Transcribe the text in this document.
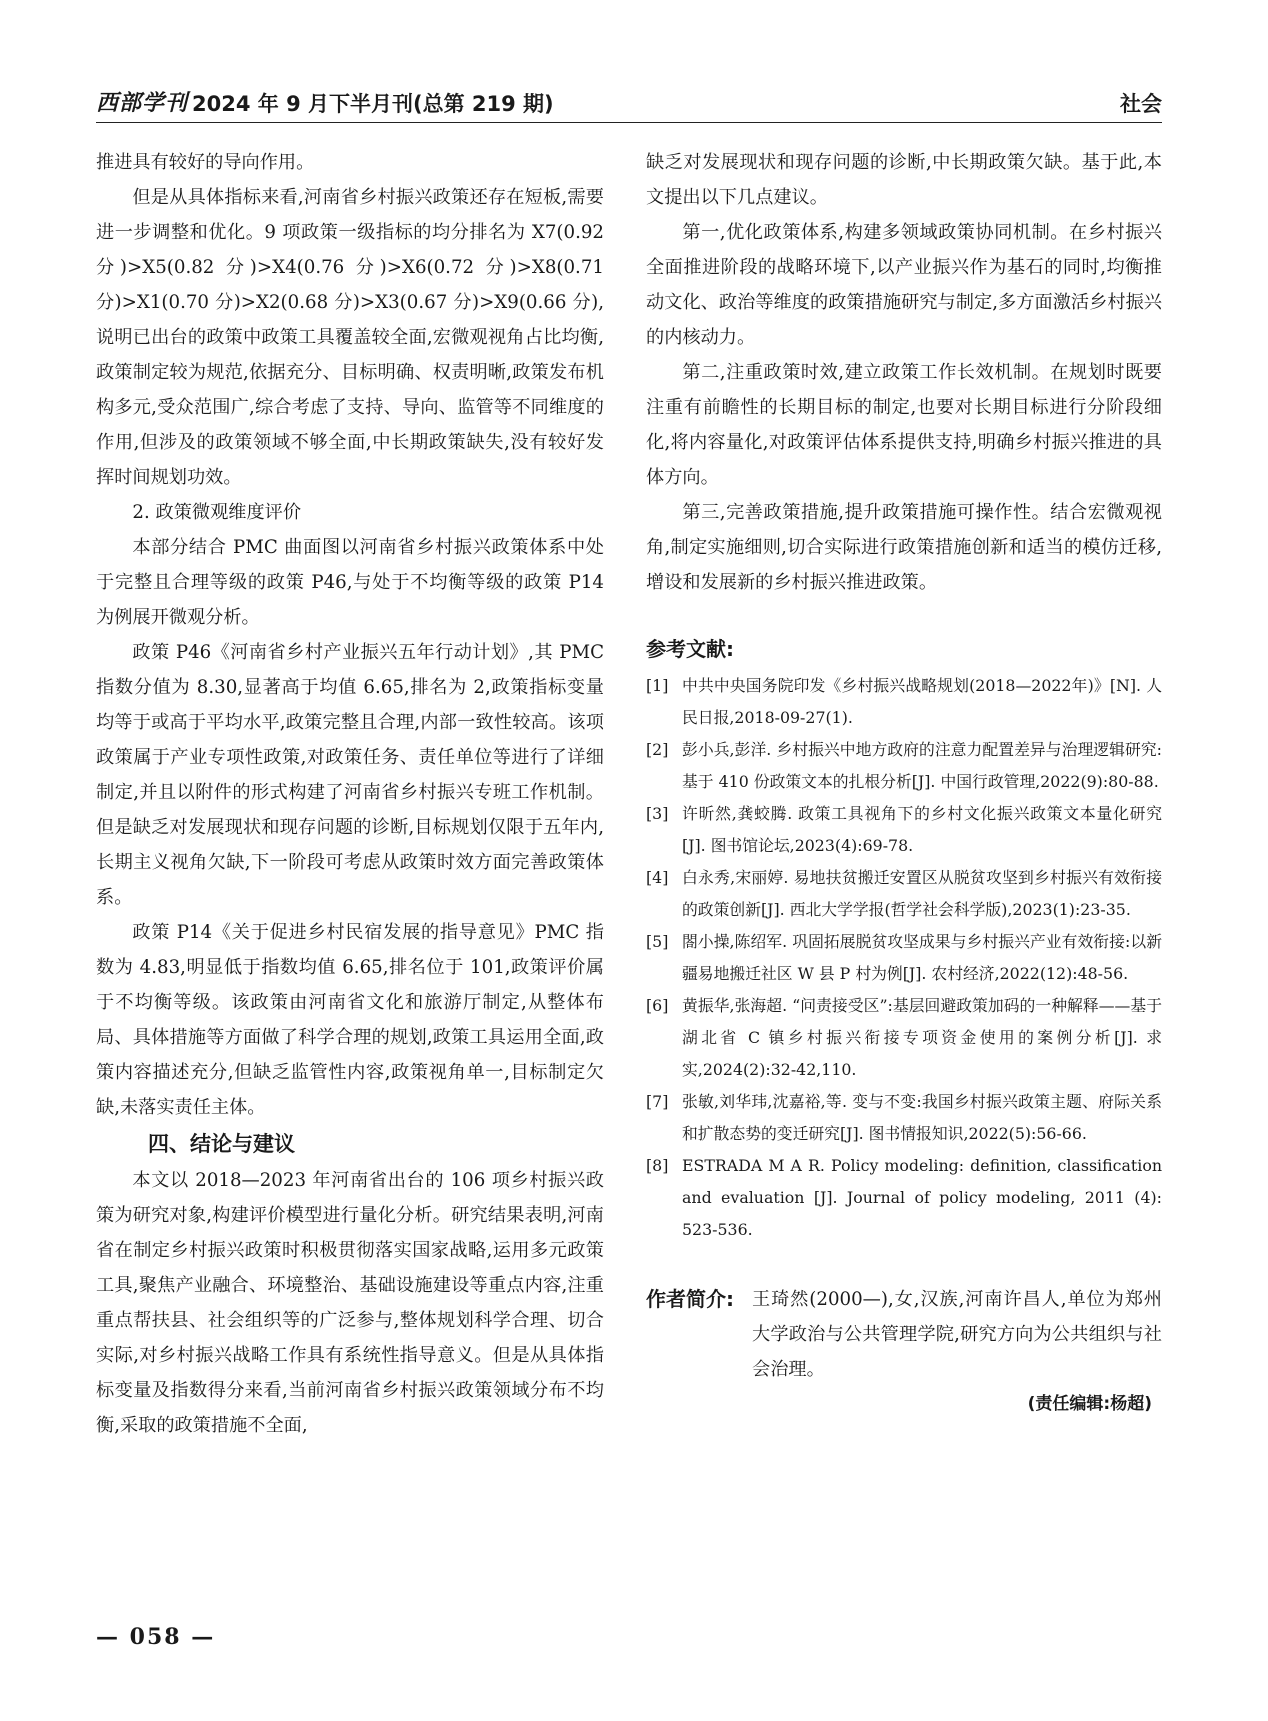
西部学刊 2024 年 9 月下半月刊(总第 219 期)	社会

推进具有较好的导向作用。

但是从具体指标来看,河南省乡村振兴政策还存在短板,需要进一步调整和优化。9 项政策一级指标的均分排名为 X7(0.92 分)>X5(0.82 分)>X4(0.76 分)>X6(0.72 分)>X8(0.71 分)>X1(0.70 分)>X2(0.68 分)>X3(0.67 分)>X9(0.66 分),说明已出台的政策中政策工具覆盖较全面,宏微观视角占比均衡,政策制定较为规范,依据充分、目标明确、权责明晰,政策发布机构多元,受众范围广,综合考虑了支持、导向、监管等不同维度的作用,但涉及的政策领域不够全面,中长期政策缺失,没有较好发挥时间规划功效。

2. 政策微观维度评价

本部分结合 PMC 曲面图以河南省乡村振兴政策体系中处于完整且合理等级的政策 P46,与处于不均衡等级的政策 P14 为例展开微观分析。

政策 P46《河南省乡村产业振兴五年行动计划》,其 PMC 指数分值为 8.30,显著高于均值 6.65,排名为 2,政策指标变量均等于或高于平均水平,政策完整且合理,内部一致性较高。该项政策属于产业专项性政策,对政策任务、责任单位等进行了详细制定,并且以附件的形式构建了河南省乡村振兴专班工作机制。但是缺乏对发展现状和现存问题的诊断,目标规划仅限于五年内,长期主义视角欠缺,下一阶段可考虑从政策时效方面完善政策体系。

政策 P14《关于促进乡村民宿发展的指导意见》PMC 指数为 4.83,明显低于指数均值 6.65,排名位于 101,政策评价属于不均衡等级。该政策由河南省文化和旅游厅制定,从整体布局、具体措施等方面做了科学合理的规划,政策工具运用全面,政策内容描述充分,但缺乏监管性内容,政策视角单一,目标制定欠缺,未落实责任主体。

四、结论与建议

本文以 2018—2023 年河南省出台的 106 项乡村振兴政策为研究对象,构建评价模型进行量化分析。研究结果表明,河南省在制定乡村振兴政策时积极贯彻落实国家战略,运用多元政策工具,聚焦产业融合、环境整治、基础设施建设等重点内容,注重重点帮扶县、社会组织等的广泛参与,整体规划科学合理、切合实际,对乡村振兴战略工作具有系统性指导意义。但是从具体指标变量及指数得分来看,当前河南省乡村振兴政策领域分布不均衡,采取的政策措施不全面,

缺乏对发展现状和现存问题的诊断,中长期政策欠缺。基于此,本文提出以下几点建议。

第一,优化政策体系,构建多领域政策协同机制。在乡村振兴全面推进阶段的战略环境下,以产业振兴作为基石的同时,均衡推动文化、政治等维度的政策措施研究与制定,多方面激活乡村振兴的内核动力。

第二,注重政策时效,建立政策工作长效机制。在规划时既要注重有前瞻性的长期目标的制定,也要对长期目标进行分阶段细化,将内容量化,对政策评估体系提供支持,明确乡村振兴推进的具体方向。

第三,完善政策措施,提升政策措施可操作性。结合宏微观视角,制定实施细则,切合实际进行政策措施创新和适当的模仿迁移,增设和发展新的乡村振兴推进政策。

参考文献:
[1] 中共中央国务院印发《乡村振兴战略规划(2018—2022年)》[N]. 人民日报,2018-09-27(1).
[2] 彭小兵,彭洋. 乡村振兴中地方政府的注意力配置差异与治理逻辑研究:基于 410 份政策文本的扎根分析[J]. 中国行政管理,2022(9):80-88.
[3] 许昕然,龚蛟腾. 政策工具视角下的乡村文化振兴政策文本量化研究[J]. 图书馆论坛,2023(4):69-78.
[4] 白永秀,宋丽婷. 易地扶贫搬迁安置区从脱贫攻坚到乡村振兴有效衔接的政策创新[J]. 西北大学学报(哲学社会科学版),2023(1):23-35.
[5] 閤小操,陈绍军. 巩固拓展脱贫攻坚成果与乡村振兴产业有效衔接:以新疆易地搬迁社区 W 县 P 村为例[J]. 农村经济,2022(12):48-56.
[6] 黄振华,张海超. “问责接受区”:基层回避政策加码的一种解释——基于湖北省 C 镇乡村振兴衔接专项资金使用的案例分析[J]. 求实,2024(2):32-42,110.
[7] 张敏,刘华玮,沈嘉裕,等. 变与不变:我国乡村振兴政策主题、府际关系和扩散态势的变迁研究[J]. 图书情报知识,2022(5):56-66.
[8] ESTRADA M A R. Policy modeling: definition, classification and evaluation [J]. Journal of policy modeling, 2011 (4): 523-536.
作者简介: 王琦然(2000—),女,汉族,河南许昌人,单位为郑州大学政治与公共管理学院,研究方向为公共组织与社会治理。
(责任编辑:杨超)
— 058 —
